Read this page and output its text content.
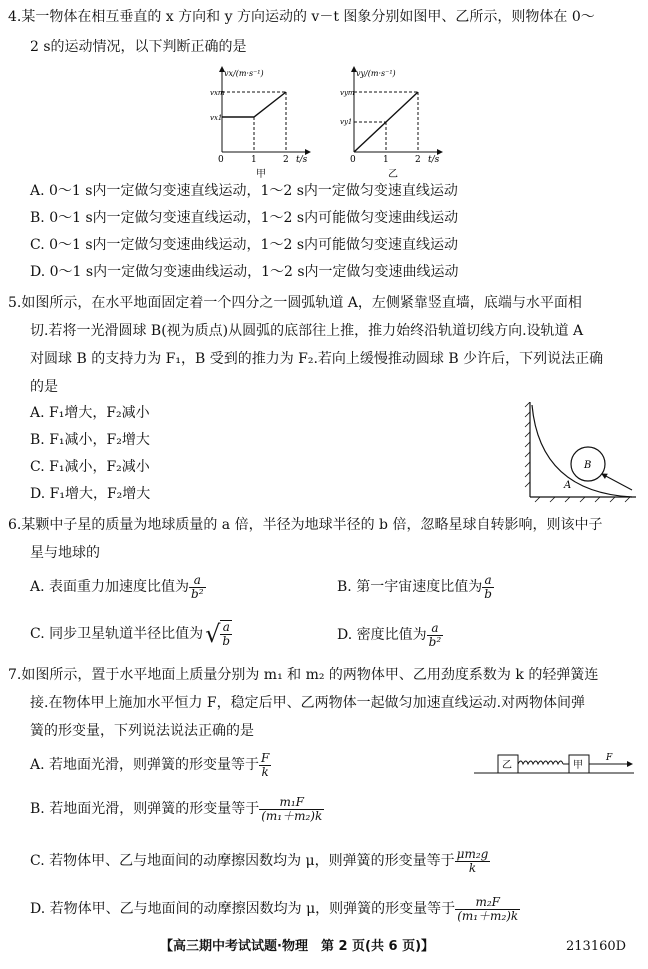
4.某一物体在相互垂直的 x 方向和 y 方向运动的 v－t 图象分别如图甲、乙所示，则物体在 0～
2 s的运动情况，以下判断正确的是
vx/(m·s⁻¹)
vxm
vx1
0	1	2 t/s
甲
vy/(m·s⁻¹)
vym
vy1
0	1	2 t/s
乙
A. 0～1 s内一定做匀变速直线运动，1～2 s内一定做匀变速直线运动
B. 0～1 s内一定做匀变速直线运动，1～2 s内可能做匀变速曲线运动
C. 0～1 s内一定做匀变速曲线运动，1～2 s内可能做匀变速直线运动
D. 0～1 s内一定做匀变速曲线运动，1～2 s内一定做匀变速曲线运动
5.如图所示，在水平地面固定着一个四分之一圆弧轨道 A，左侧紧靠竖直墙，底端与水平面相
切.若将一光滑圆球 B(视为质点)从圆弧的底部往上推，推力始终沿轨道切线方向.设轨道 A
对圆球 B 的支持力为 F₁，B 受到的推力为 F₂.若向上缓慢推动圆球 B 少许后，下列说法正确
的是
A. F₁增大，F₂减小
B. F₁减小，F₂增大
C. F₁减小，F₂减小
D. F₁增大，F₂增大
B
A
6.某颗中子星的质量为地球质量的 a 倍，半径为地球半径的 b 倍，忽略星球自转影响，则该中子
星与地球的
A. 表面重力加速度比值为 $\frac{a}{\text{b²}}$	B. 第一宇宙速度比值为 $\frac{a}{b}$
C. 同步卫星轨道半径比值为 √ $\frac{a}{b}$	D. 密度比值为 $\frac{a}{\text{b²}}$
7.如图所示，置于水平地面上质量分别为 m₁ 和 m₂ 的两物体甲、乙用劲度系数为 k 的轻弹簧连
接.在物体甲上施加水平恒力 F，稳定后甲、乙两物体一起做匀加速直线运动.对两物体间弹
簧的形变量，下列说法说法正确的是
A. 若地面光滑，则弹簧的形变量等于 $\frac{F}{k}$	乙	甲
F
B. 若地面光滑，则弹簧的形变量等于 $\frac{\text{m₁F}}{\text{(m₁＋m₂)k}}$
C. 若物体甲、乙与地面间的动摩擦因数均为 μ，则弹簧的形变量等于 $\frac{\text{μm₂g}}{k}$
D. 若物体甲、乙与地面间的动摩擦因数均为 μ，则弹簧的形变量等于 $\frac{\text{m₂F}}{\text{(m₁＋m₂)k}}$
【高三期中考试试题·物理　第 2 页(共 6 页)】	213160D
